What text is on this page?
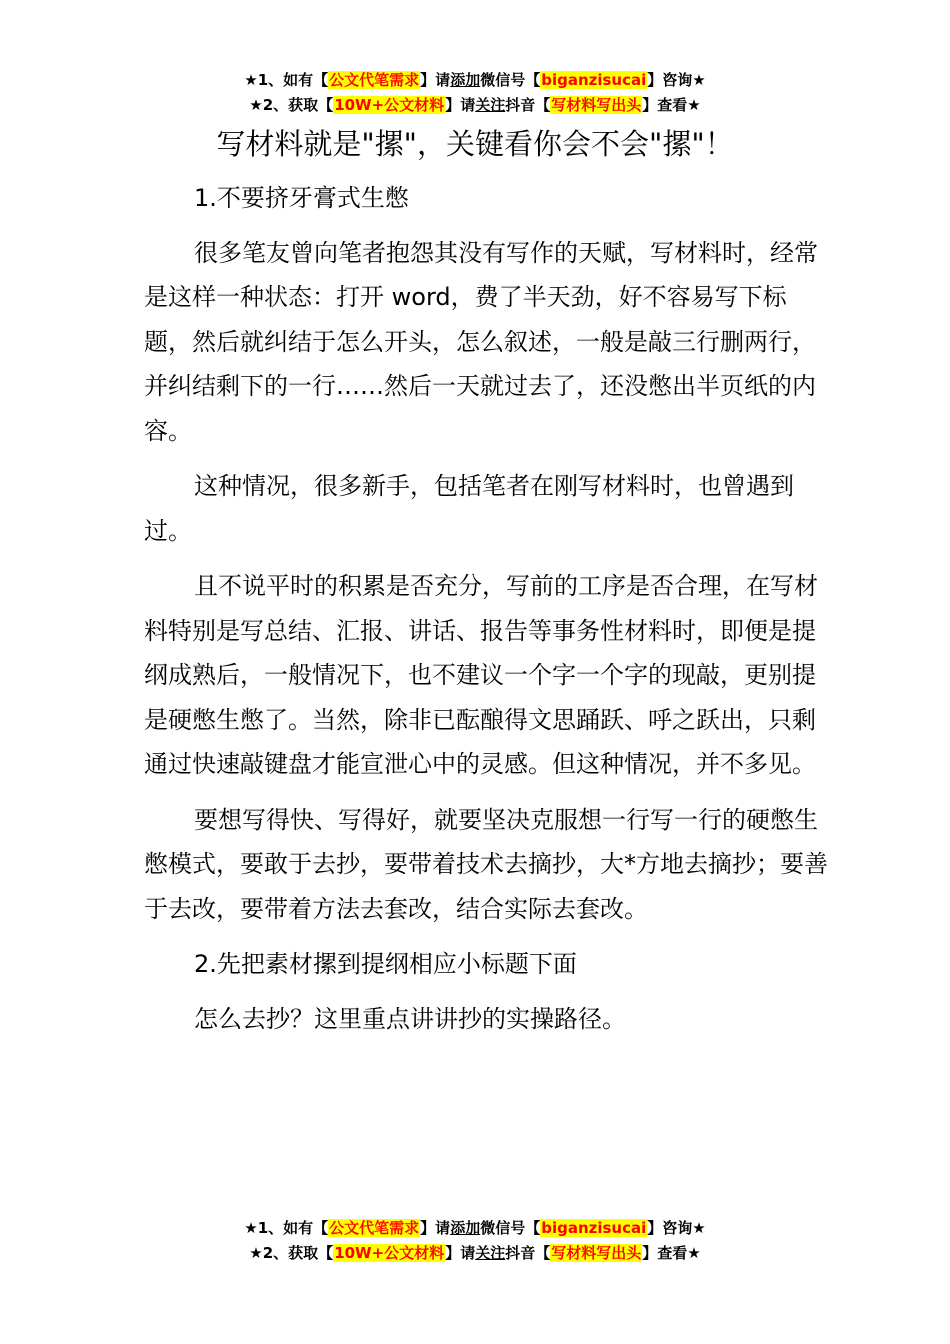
★1、如有【公文代笔需求】请添加微信号【biganzisucai】咨询★
★2、获取【10W+公文材料】请关注抖音【写材料写出头】查看★
写材料就是"摞"，关键看你会不会"摞"！

1.不要挤牙膏式生憋

很多笔友曾向笔者抱怨其没有写作的天赋，写材料时，经常是这样一种状态：打开 word，费了半天劲，好不容易写下标题，然后就纠结于怎么开头，怎么叙述，一般是敲三行删两行，并纠结剩下的一行……然后一天就过去了，还没憋出半页纸的内容。

这种情况，很多新手，包括笔者在刚写材料时，也曾遇到过。

且不说平时的积累是否充分，写前的工序是否合理，在写材料特别是写总结、汇报、讲话、报告等事务性材料时，即便是提纲成熟后，一般情况下，也不建议一个字一个字的现敲，更别提是硬憋生憋了。当然，除非已酝酿得文思踊跃、呼之跃出，只剩通过快速敲键盘才能宣泄心中的灵感。但这种情况，并不多见。

要想写得快、写得好，就要坚决克服想一行写一行的硬憋生憋模式，要敢于去抄，要带着技术去摘抄，大*方地去摘抄；要善于去改，要带着方法去套改，结合实际去套改。

2.先把素材摞到提纲相应小标题下面

怎么去抄？这里重点讲讲抄的实操路径。

★1、如有【公文代笔需求】请添加微信号【biganzisucai】咨询★
★2、获取【10W+公文材料】请关注抖音【写材料写出头】查看★
